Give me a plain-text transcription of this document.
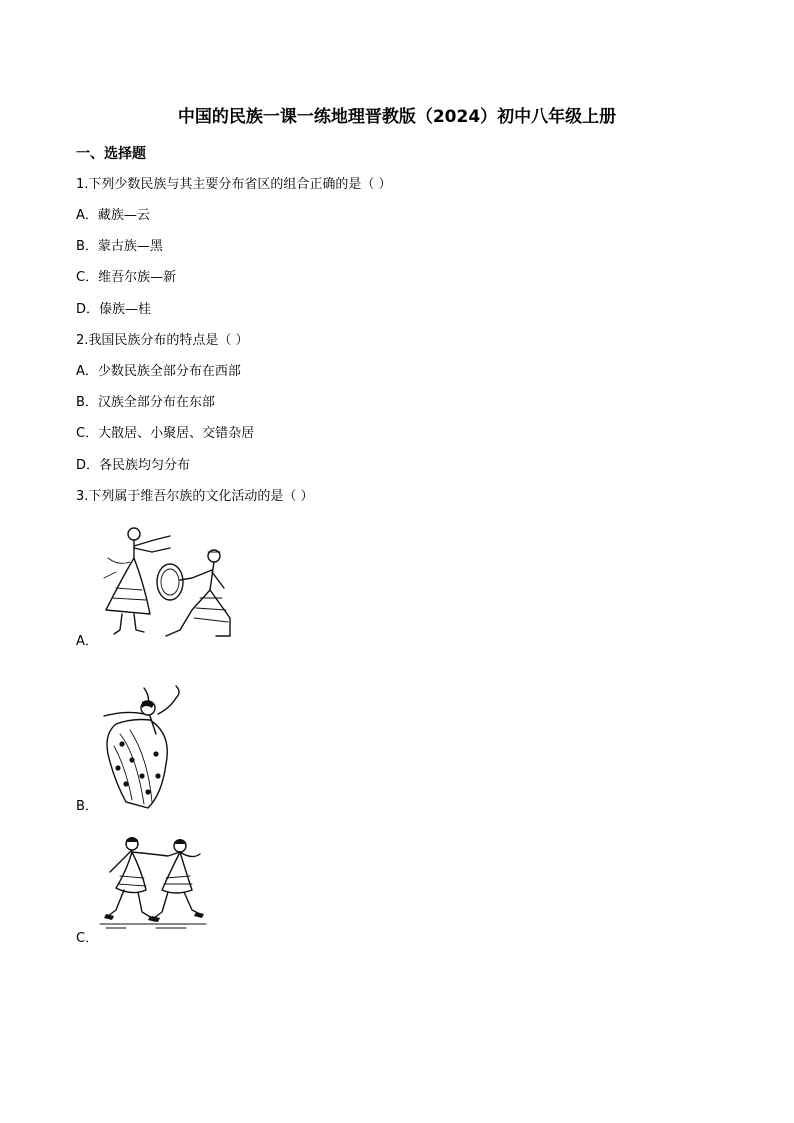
中国的民族一课一练地理晋教版（2024）初中八年级上册
一、选择题

1.下列少数民族与其主要分布省区的组合正确的是（ ）

A．藏族—云

B．蒙古族—黑

C．维吾尔族—新

D．傣族—桂

2.我国民族分布的特点是（ ）

A．少数民族全部分布在西部

B．汉族全部分布在东部

C．大散居、小聚居、交错杂居

D．各民族均匀分布

3.下列属于维吾尔族的文化活动的是（ ）

A．

B．

C．
